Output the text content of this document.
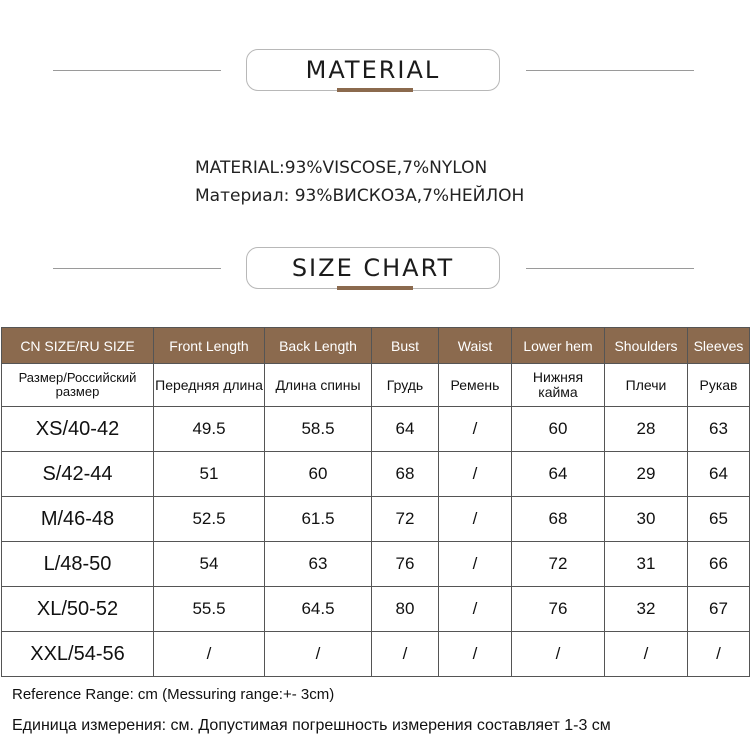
MATERIAL
MATERIAL:93%VISCOSE,7%NYLON
Материал: 93%ВИСКОЗА,7%НЕЙЛОН
SIZE CHART
CN SIZE/RU SIZE	Front Length	Back Length	Bust	Waist	Lower hem	Shoulders	Sleeves
Размер/Российский размер	Передняя длина	Длина спины	Грудь	Ремень	Нижняя кайма	Плечи	Рукав
XS/40-42	49.5	58.5	64	/	60	28	63
S/42-44	51	60	68	/	64	29	64
M/46-48	52.5	61.5	72	/	68	30	65
L/48-50	54	63	76	/	72	31	66
XL/50-52	55.5	64.5	80	/	76	32	67
XXL/54-56	/	/	/	/	/	/	/
Reference Range: cm (Messuring range:+- 3cm)
Единица измерения: см. Допустимая погрешность измерения составляет 1-3 см
